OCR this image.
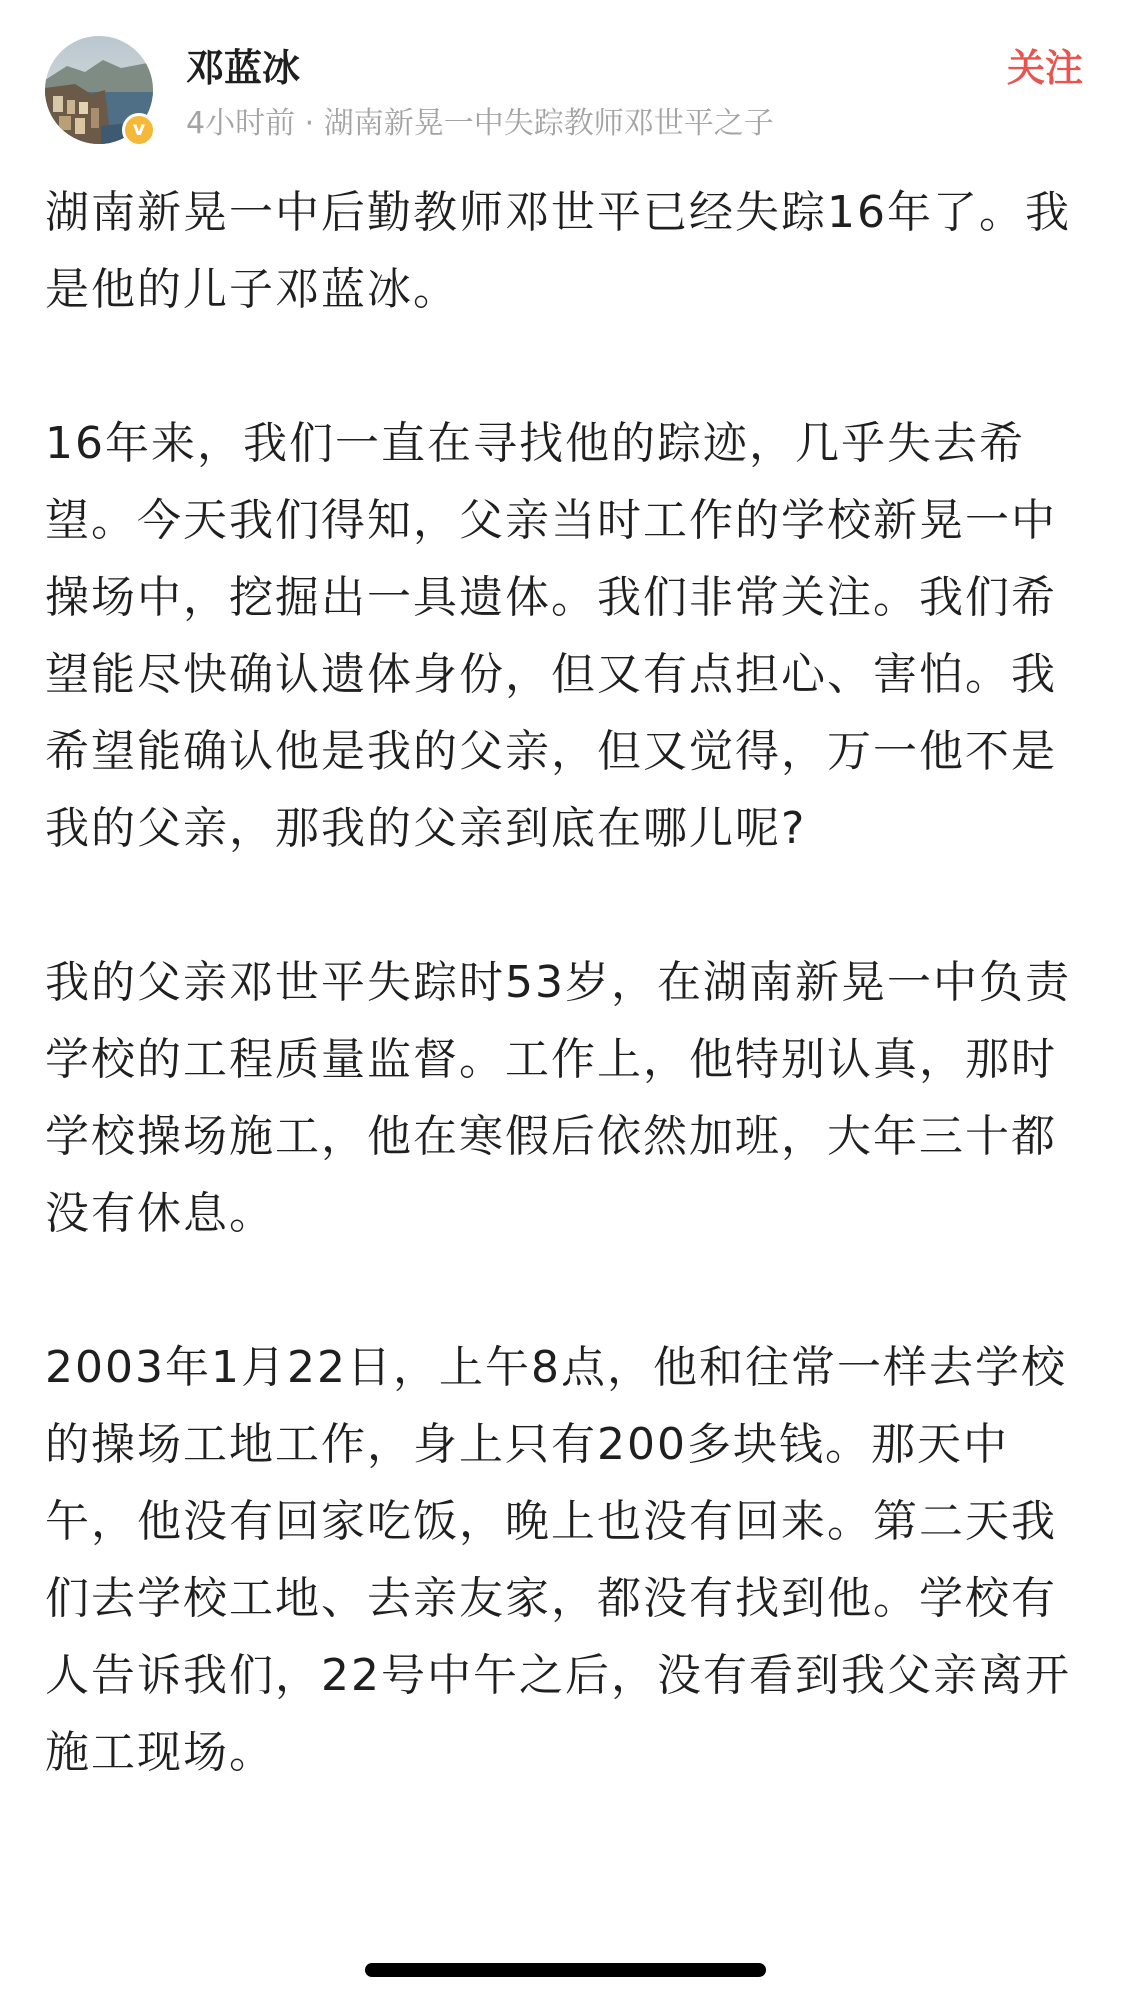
v
邓蓝冰
4小时前 · 湖南新晃一中失踪教师邓世平之子
关注

湖南新晃一中后勤教师邓世平已经失踪16年了。我是他的儿子邓蓝冰。

16年来，我们一直在寻找他的踪迹，几乎失去希望。今天我们得知，父亲当时工作的学校新晃一中操场中，挖掘出一具遗体。我们非常关注。我们希望能尽快确认遗体身份，但又有点担心、害怕。我希望能确认他是我的父亲，但又觉得，万一他不是我的父亲，那我的父亲到底在哪儿呢?

我的父亲邓世平失踪时53岁，在湖南新晃一中负责学校的工程质量监督。工作上，他特别认真，那时学校操场施工，他在寒假后依然加班，大年三十都没有休息。

2003年1月22日，上午8点，他和往常一样去学校的操场工地工作，身上只有200多块钱。那天中午，他没有回家吃饭，晚上也没有回来。第二天我们去学校工地、去亲友家，都没有找到他。学校有人告诉我们，22号中午之后，没有看到我父亲离开施工现场。
